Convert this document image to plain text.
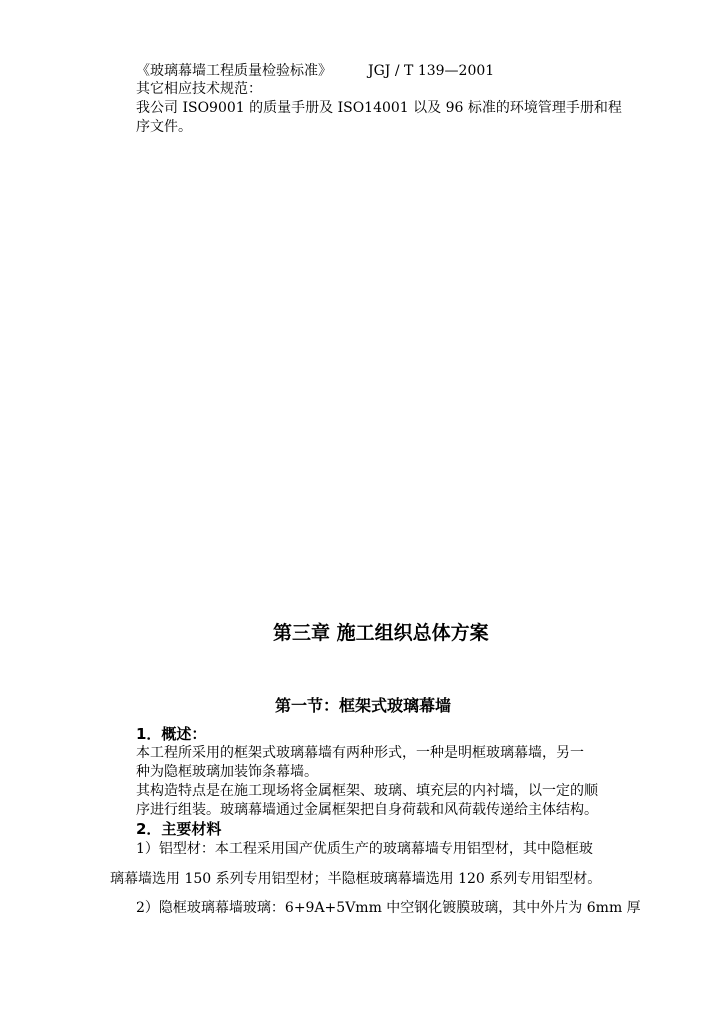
《玻璃幕墙工程质量检验标准》	JGJ / T 139—2001
其它相应技术规范：
我公司 ISO9001 的质量手册及 ISO14001 以及 96 标准的环境管理手册和程
序文件。
第三章 施工组织总体方案
第一节：框架式玻璃幕墙
1．概述：
本工程所采用的框架式玻璃幕墙有两种形式，一种是明框玻璃幕墙，另一
种为隐框玻璃加装饰条幕墙。
其构造特点是在施工现场将金属框架、玻璃、填充层的内衬墙，以一定的顺
序进行组装。玻璃幕墙通过金属框架把自身荷载和风荷载传递给主体结构。
2．主要材料
1）铝型材：本工程采用国产优质生产的玻璃幕墙专用铝型材，其中隐框玻
璃幕墙选用 150 系列专用铝型材；半隐框玻璃幕墙选用 120 系列专用铝型材。
2）隐框玻璃幕墙玻璃：6+9A+5Vmm 中空钢化镀膜玻璃，其中外片为 6mm 厚
